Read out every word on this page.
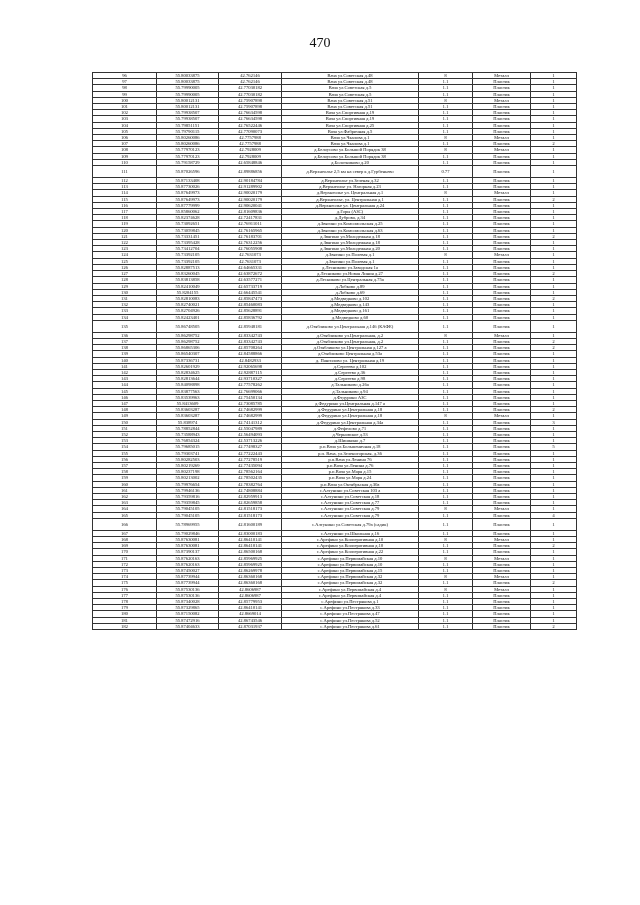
470
96	55.80033875	42.762146	Вача ул.Советская д.48	8	Металл	1
97	55.80033875	42.762146	Вача ул.Советская д.48	1.1	Пластик	1
98	55.79990005	42.77030182	Вача ул.Советская д.5	1.1	Пластик	1
99	55.79990005	42.77030182	Вача ул.Советская д.5	1.1	Пластик	1
100	55.80012131	42.75907898	Вача ул.Советская д.51	8	Металл	1
101	55.80012131	42.75907898	Вача ул.Советская д.51	1.1	Пластик	1
102	55.79938507	42.76634598	Вача ул.Спортивная д.19	1.1	Пластик	1
103	55.79938507	42.76634598	Вача ул.Спортивная д.19	1.1	Пластик	1
104	55.79851151	42.76522446	Вача ул.Спортивная д.25	1.1	Пластик	1
105	55.79790115	42.77090073	Вача ул.Фабричная д.5	1.1	Пластик	1
106	55.80260086	42.7757988	Вача ул.Чкалова д.1	8	Металл	1
107	55.80260086	42.7757988	Вача ул.Чкалова д.1	1.1	Пластик	2
108	55.77970123	42.7928009	д.Белоусово ул.Большой Порядок 38	8	Металл	1
109	55.77970123	42.7928009	д.Белоусово ул.Большой Порядок 38	1.1	Пластик	1
110	55.79158729	42.65848846	д.Болотниково д.20	1.1	Пластик	1
111	55.87026596	42.89886856	д.Верхнеолье 2,5 км на север к д.Гурбеньево	0.77	Пластик	1
112	55.87133408	42.90184784	д.Верхнеолье ул.Зеленая д.32	1.1	Пластик	1
113	55.87730026	42.91289902	д.Верхнеолье ул. Нагорная д.23	1.1	Пластик	1
114	55.87649973	42.90020179	д.Верхнеолье ул. Центральная д.1	8	Металл	1
115	55.87649973	42.90020179	д.Верхнеолье, ул. Центральная д.1	1.1	Пластик	2
116	55.87779999	42.90620041	д.Верхнеолье ул. Центральная д.24	1.1	Пластик	1
117	55.85860062	42.81609836	д.Горы (АЗС)	1.1	Пластик	1
118	55.82374628	42.72417831	д.Дуброва, д.34	1.1	Пластик	1
119	55.73092651	42.76911011	д.Звягино ул.Комсомольская д.25	1.1	Пластик	1
120	55.73059845	42.76165965	д.Звягино ул.Комсомольская д.63	1.1	Пластик	1
121	55.73331451	42.76183701	д.Звягино ул.Молодежная д.18	1.1	Пластик	2
122	55.73395428	42.76312256	д.Звягино ул.Молодежная д.18	1.1	Пластик	1
123	55.73412704	42.76055908	д.Звягино ул.Молодежная д.20	1.1	Пластик	1
124	55.73392105	42.7631073	д.Звягино ул.Полевая д.1	8	Металл	1
125	55.73392105	42.7631073	д.Звягино ул.Полевая д.1	1.1	Пластик	1
126	55.82887513	42.64665331	д.Лесниково ул.Заводская 1а	1.1	Пластик	1
127	55.83260045	42.63872672	д.Лесниково ул.Новая Линия д.27	1.1	Пластик	2
128	55.83813858	42.63577271	д.Лесниково ул.Центральная д.75а	1.1	Пластик	1
129	55.82410049	42.65733719	д.Лобково д.89	1.1	Пластик	1
130	55.8204155	42.66445541	д.Лобково д.69	1.1	Пластик	1
131	55.82810083	42.85847473	д.Медведково д.102	1.1	Пластик	2
132	55.82740021	42.85460083	д.Медведково д.143	1.1	Пластик	1
133	55.82704926	42.85628891	д.Медведково д.161	1.1	Пластик	1
134	55.82423401	42.85836792	д.Медведково д.60	1.1	Пластик	1
135	55.86748505	42.85948181	д.Озябликово ул.Центральная д.146 (КАФЕ)	1.1	Пластик	1
136	55.86298752	42.83342743	д.Озябликово ул.Центральная, д.2	8	Металл	1
137	55.86298752	42.83342743	д.Озябликово ул.Центральная, д.2	1.1	Пластик	2
138	55.86865306	42.85708264	д.Озябликово ул.Центральная д.127 а	1.1	Пластик	2
139	55.86540307	42.84588866	д.Озябликово Центральная д.53а	1.1	Пластик	1
140	55.87336731	42.8482933	д. Пангилово ул. Центральная д.19	1.1	Пластик	1
141	55.82601929	42.92065698	д.Сергеево д.102	1.1	Пластик	1
142	55.82834625	42.92887115	д.Сергеево д.36	1.1	Пластик	1
143	55.82813644	42.93710327	д.Сергеево д.98	1.1	Пластик	1
144	55.84098898	42.77578262	д.Тальниково д.26а	1.1	Пластик	1
145	55.83877563	42.76699066	д.Тальниково д.94	1.1	Пластик	1
146	55.83539963	42.75450134	д.Федурино АЗС	1.1	Пластик	1
147	55.8413609	42.73085785	д.Федурино ул.Центральная д.147 а	1.1	Пластик	1
148	55.83603287	42.74682999	д.Федурино ул.Центральная д.18	1.1	Пластик	2
149	55.83603287	42.74682999	д.Федурино ул.Центральная д.18	8	Металл	1
150	55.838974	42.74141312	д.Федурино ул.Центральная д.34а	1.1	Пластик	3
151	55.78852844	42.55047989	д.Фефелово д.71	1.1	Пластик	1
152	55.73588943	42.56494093	д.Черновское д.53	1.1	Пластик	1
153	55.76854324	42.53713226	д.Шишкино д.7	1.1	Пластик	1
154	55.79685015	42.77498327	р.п.Вача ул.Большеничная д.18	1.1	Пластик	5
155	55.79303741	42.77222443	р.п. Вача, ул.Зеленогорская, д.36	1.1	Пластик	1
156	55.80282503	42.77278519	р.п.Вача ул.Ленина 76	1.1	Пластик	1
157	55.80219269	42.77435094	р.п.Вача ул.Ленина д.76	1.1	Пластик	1
158	55.80237198	42.78562164	р.п.Вача ул.Маря д.15	1.1	Пластик	1
159	55.80213002	42.78502435	р.п.Вача ул.Маря д.24	1.1	Пластик	1
160	55.79976654	42.78382764	р.п.Вача ул.Октябрьская д.30а	1.1	Пластик	1
161	55.79946136	42.74808884	с.Алтунино ул.Советская 103 а	1.1	Пластик	1
162	55.79359816	42.82959913	с.Алтунино ул.Советская д.18	1.1	Пластик	1
163	55.79359845	42.82659858	с.Алтунино ул.Советская д.77	1.1	Пластик	1
164	55.79045105	42.81518173	с.Алтунино ул.Советская д.79	8	Металл	1
165	55.79045105	42.81518173	с.Алтунино ул.Советская д.79	1.1	Пластик	4
166	55.78969955	42.81600189	с.Алтунино ул.Советская д.79а (садик)	1.1	Пластик	1
167	55.79029846	42.83000183	с.Алтунино ул.Школьная д.16	1.1	Пластик	1
168	55.87630081	42.86410141	с.Арефино ул.Кооперативная д.10	8	Металл	1
169	55.87630081	42.86410141	с.Арефино ул.Кооперативная д.10	1.1	Пластик	2
170	55.87390137	42.86500168	с.Арефино ул.Кооперативная д.22	1.1	Пластик	1
171	55.87620163	42.85969925	с.Арефино ул.Первомайская д.10	8	Металл	1
172	55.87620163	42.85969925	с.Арефино ул.Первомайская д.10	1.1	Пластик	1
173	55.87450027	42.86269978	с.Арефино ул.Первомайская д.15	1.1	Пластик	1
174	55.87739944	42.86360168	с.Арефино ул.Первомайская д.32	8	Металл	1
175	55.87739944	42.86360168	с.Арефино ул.Первомайская д.32	1.1	Пластик	2
176	55.87530136	42.8606987	с.Арефино ул.Первомайская д.4	8	Металл	1
177	55.87530136	42.8606987	с.Арефино ул.Первомайская д.4	1.1	Пластик	1
178	55.87340028	42.85779953	с.Арефино ул.Пестрякова д.1	1.1	Пластик	1
179	55.87329865	42.86410141	с.Арефино ул.Пестрякова д.33	1.1	Пластик	1
180	55.87150082	42.8669014	с.Арефино ул.Пестрякова д.47	1.1	Пластик	1
181	55.87472916	42.86743546	с.Арефино ул.Пестрякова д.52	1.1	Пластик	1
182	55.87404633	42.87031937	с.Арефино ул.Пестрякова д.61	1.1	Пластик	2
